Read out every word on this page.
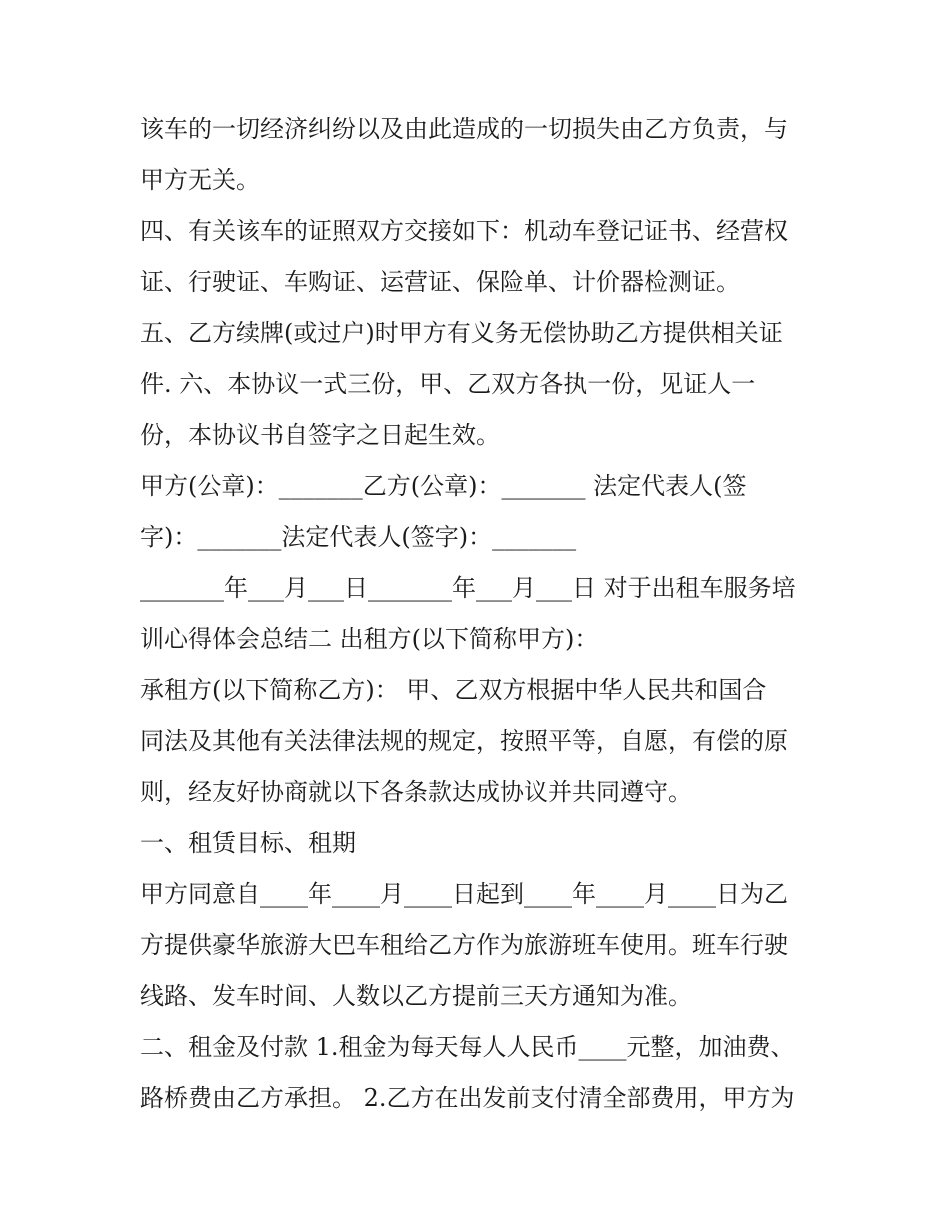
该车的一切经济纠纷以及由此造成的一切损失由乙方负责，与
甲方无关。
四、有关该车的证照双方交接如下：机动车登记证书、经营权
证、行驶证、车购证、运营证、保险单、计价器检测证。
五、乙方续牌(或过户)时甲方有义务无偿协助乙方提供相关证
件. 六、本协议一式三份，甲、乙双方各执一份，见证人一
份，本协议书自签字之日起生效。
甲方(公章)：_______乙方(公章)：_______ 法定代表人(签
字)：_______法定代表人(签字)：_______
_______年___月___日_______年___月___日 对于出租车服务培
训心得体会总结二 出租方(以下简称甲方)：
承租方(以下简称乙方)： 甲、乙双方根据中华人民共和国合
同法及其他有关法律法规的规定，按照平等，自愿，有偿的原
则，经友好协商就以下各条款达成协议并共同遵守。
一、租赁目标、租期
甲方同意自____年____月____日起到____年____月____日为乙
方提供豪华旅游大巴车租给乙方作为旅游班车使用。班车行驶
线路、发车时间、人数以乙方提前三天方通知为准。
二、租金及付款 1.租金为每天每人人民币____元整，加油费、
路桥费由乙方承担。 2.乙方在出发前支付清全部费用，甲方为
